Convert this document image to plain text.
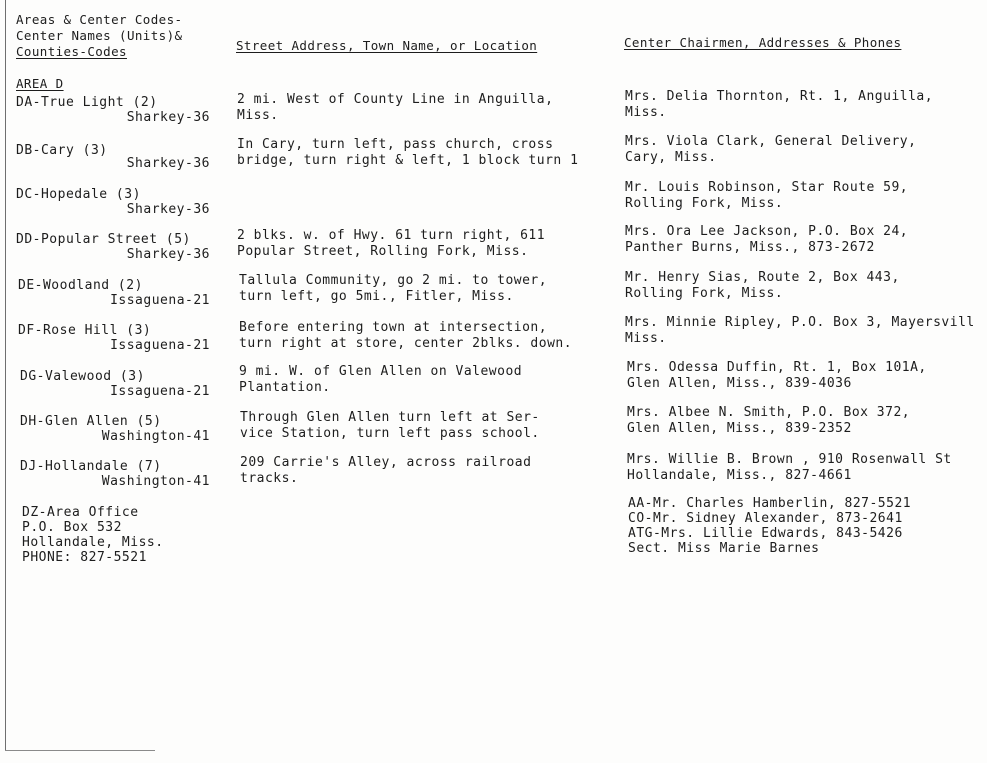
Areas & Center Codes-
Center Names (Units)&
Counties-Codes	Street Address, Town Name, or Location	Center Chairmen, Addresses & Phones
AREA D
DA-True Light (2)
Sharkey-36
2 mi. West of County Line in Anguilla,
Miss.
Mrs. Delia Thornton, Rt. 1, Anguilla,
Miss.
DB-Cary (3)
Sharkey-36
In Cary, turn left, pass church, cross
bridge, turn right & left, 1 block turn 1
Mrs. Viola Clark, General Delivery,
Cary, Miss.
DC-Hopedale (3)
Sharkey-36
Mr. Louis Robinson, Star Route 59,
Rolling Fork, Miss.
DD-Popular Street (5)
Sharkey-36
2 blks. w. of Hwy. 61 turn right, 611
Popular Street, Rolling Fork, Miss.
Mrs. Ora Lee Jackson, P.O. Box 24,
Panther Burns, Miss., 873-2672
DE-Woodland (2)
Issaguena-21
Tallula Community, go 2 mi. to tower,
turn left, go 5mi., Fitler, Miss.
Mr. Henry Sias, Route 2, Box 443,
Rolling Fork, Miss.
DF-Rose Hill (3)
Issaguena-21
Before entering town at intersection,
turn right at store, center 2blks. down.
Mrs. Minnie Ripley, P.O. Box 3, Mayersvill
Miss.
DG-Valewood (3)
Issaguena-21
9 mi. W. of Glen Allen on Valewood
Plantation.
Mrs. Odessa Duffin, Rt. 1, Box 101A,
Glen Allen, Miss., 839-4036
DH-Glen Allen (5)
Washington-41
Through Glen Allen turn left at Ser-
vice Station, turn left pass school.
Mrs. Albee N. Smith, P.O. Box 372,
Glen Allen, Miss., 839-2352
DJ-Hollandale (7)
Washington-41
209 Carrie's Alley, across railroad
tracks.
Mrs. Willie B. Brown , 910 Rosenwall St
Hollandale, Miss., 827-4661
DZ-Area Office
P.O. Box 532
Hollandale, Miss.
PHONE: 827-5521
AA-Mr. Charles Hamberlin, 827-5521
CO-Mr. Sidney Alexander, 873-2641
ATG-Mrs. Lillie Edwards, 843-5426
Sect. Miss Marie Barnes
